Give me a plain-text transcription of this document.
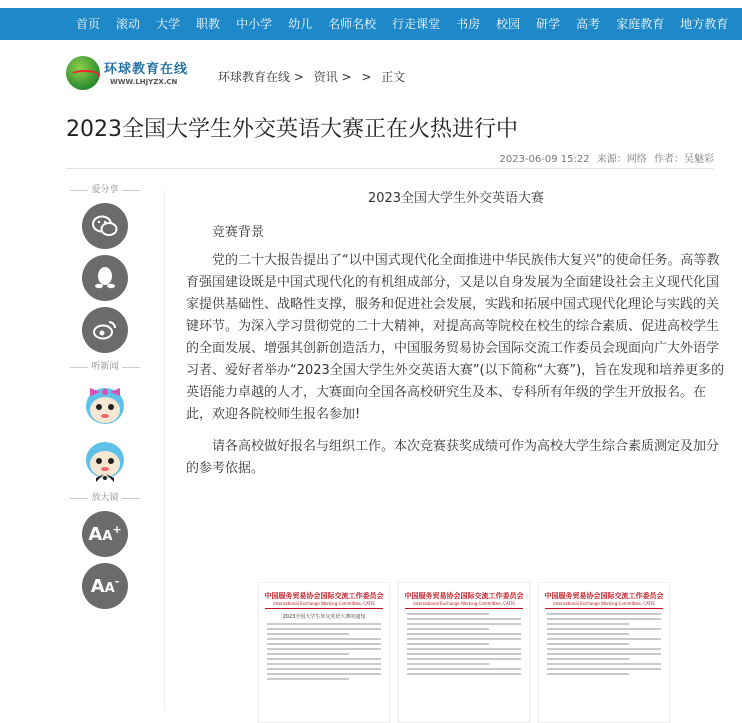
首页	滚动	大学	职教	中小学	幼儿	名师名校	行走课堂	书房	校园	研学	高考	家庭教育	地方教育
环球教育在线
WWW.LHJYZX.CN	环球教育在线 > 资讯 > > 正文
2023全国大学生外交英语大赛正在火热进行中
2023-06-09 15:22 来源：网络 作者：吴魅彩
爱分享
听新闻
放大镜
AA+
AA-
2023全国大学生外交英语大赛
竞赛背景

党的二十大报告提出了“以中国式现代化全面推进中华民族伟大复兴”的使命任务。高等教育强国建设既是中国式现代化的有机组成部分，又是以自身发展为全面建设社会主义现代化国家提供基础性、战略性支撑，服务和促进社会发展，实践和拓展中国式现代化理论与实践的关键环节。为深入学习贯彻党的二十大精神，对提高高等院校在校生的综合素质、促进高校学生的全面发展、增强其创新创造活力，中国服务贸易协会国际交流工作委员会现面向广大外语学习者、爱好者举办“2023全国大学生外交英语大赛”(以下简称“大赛”)，旨在发现和培养更多的英语能力卓越的人才，大赛面向全国各高校研究生及本、专科所有年级的学生开放报名。在此，欢迎各院校师生报名参加!

请各高校做好报名与组织工作。本次竞赛获奖成绩可作为高校大学生综合素质测定及加分的参考依据。

中国服务贸易协会国际交流工作委员会
International Exchange Working Committee, CATIS
2023全国大学生外交英语大赛的通知
中国服务贸易协会国际交流工作委员会
International Exchange Working Committee, CATIS
中国服务贸易协会国际交流工作委员会
International Exchange Working Committee, CATIS
